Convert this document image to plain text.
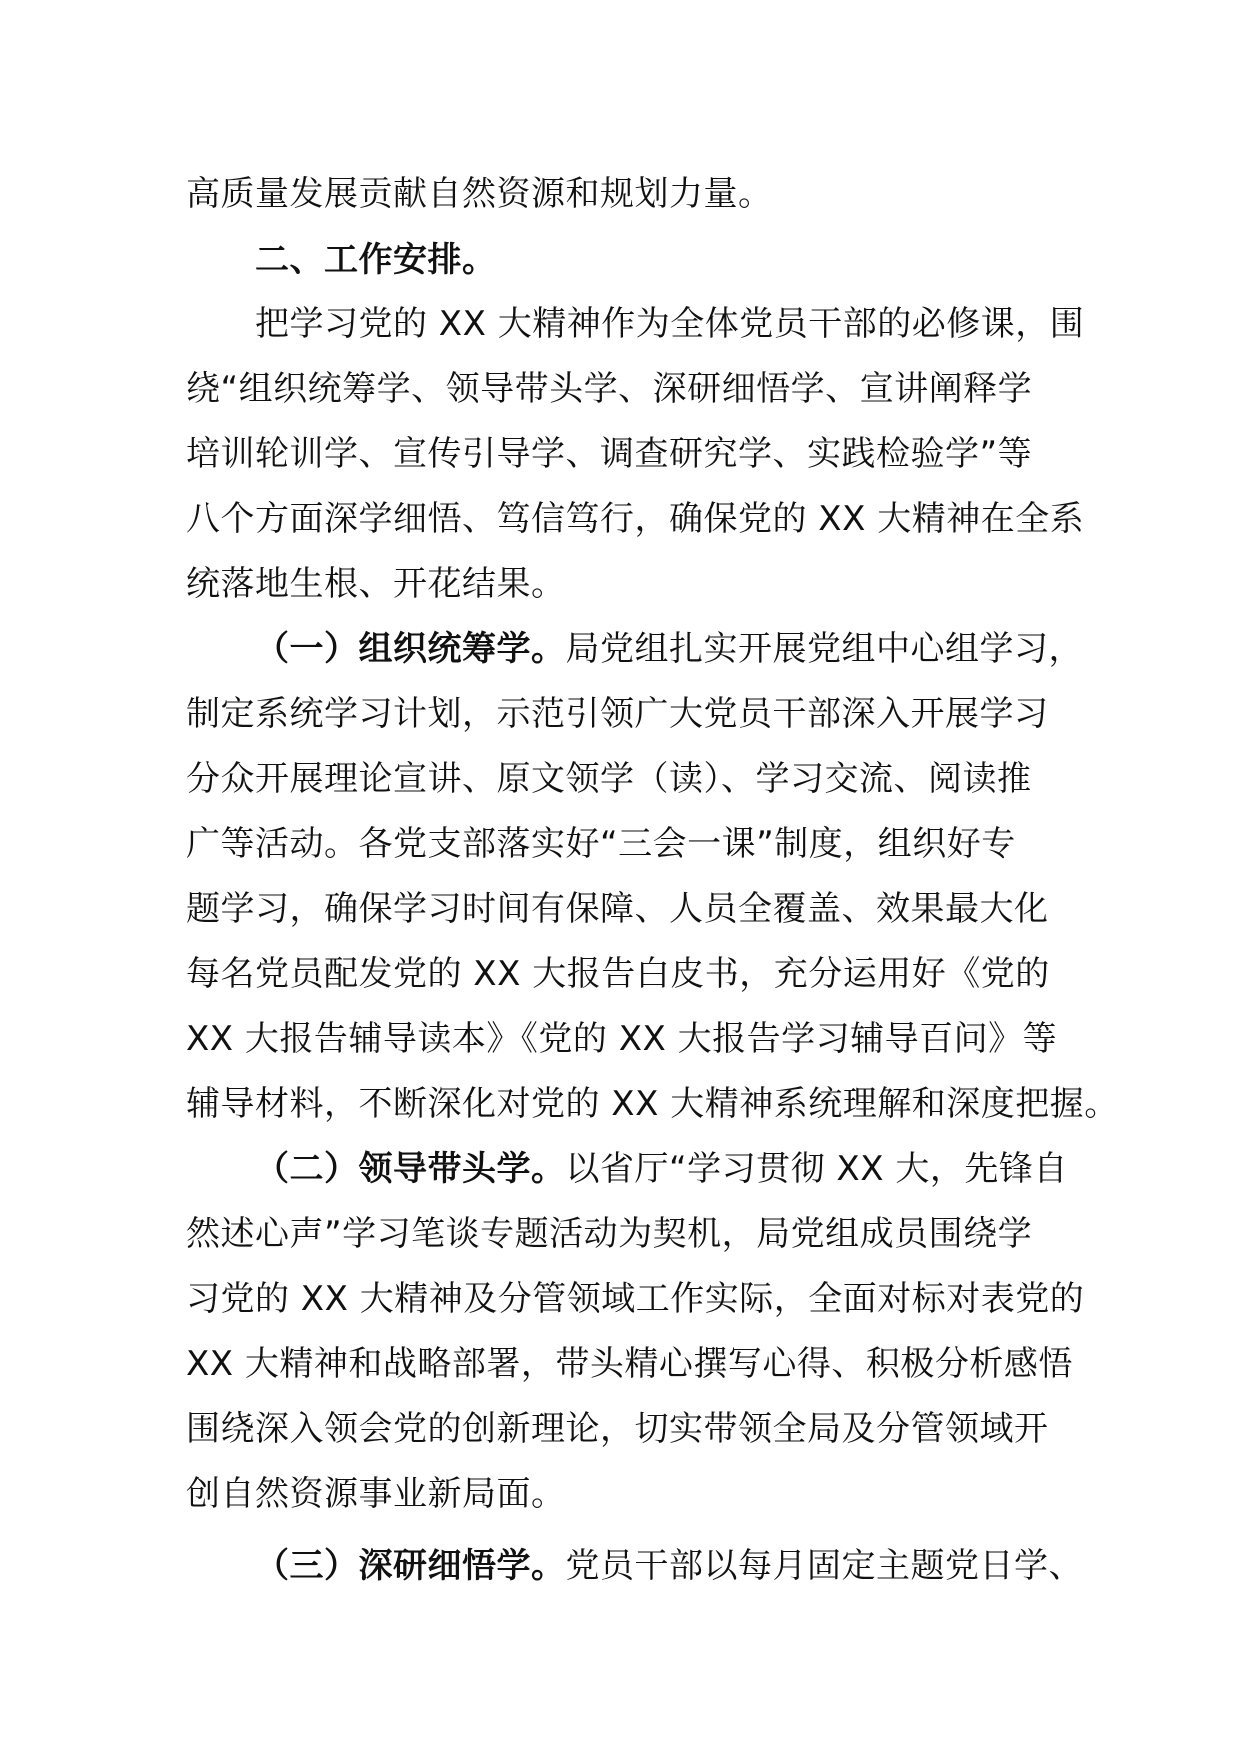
高质量发展贡献自然资源和规划力量。
二、工作安排。
把学习党的 XX 大精神作为全体党员干部的必修课，围
绕“组织统筹学、领导带头学、深研细悟学、宣讲阐释学
培训轮训学、宣传引导学、调查研究学、实践检验学”等
八个方面深学细悟、笃信笃行，确保党的 XX 大精神在全系
统落地生根、开花结果。
（一）组织统筹学。局党组扎实开展党组中心组学习，
制定系统学习计划，示范引领广大党员干部深入开展学习
分众开展理论宣讲、原文领学（读）、学习交流、阅读推
广等活动。各党支部落实好“三会一课”制度，组织好专
题学习，确保学习时间有保障、人员全覆盖、效果最大化
每名党员配发党的 XX 大报告白皮书，充分运用好《党的
XX 大报告辅导读本》《党的 XX 大报告学习辅导百问》等
辅导材料，不断深化对党的 XX 大精神系统理解和深度把握。
（二）领导带头学。以省厅“学习贯彻 XX 大，先锋自
然述心声”学习笔谈专题活动为契机，局党组成员围绕学
习党的 XX 大精神及分管领域工作实际，全面对标对表党的
XX 大精神和战略部署，带头精心撰写心得、积极分析感悟
围绕深入领会党的创新理论，切实带领全局及分管领域开
创自然资源事业新局面。
（三）深研细悟学。党员干部以每月固定主题党日学、
